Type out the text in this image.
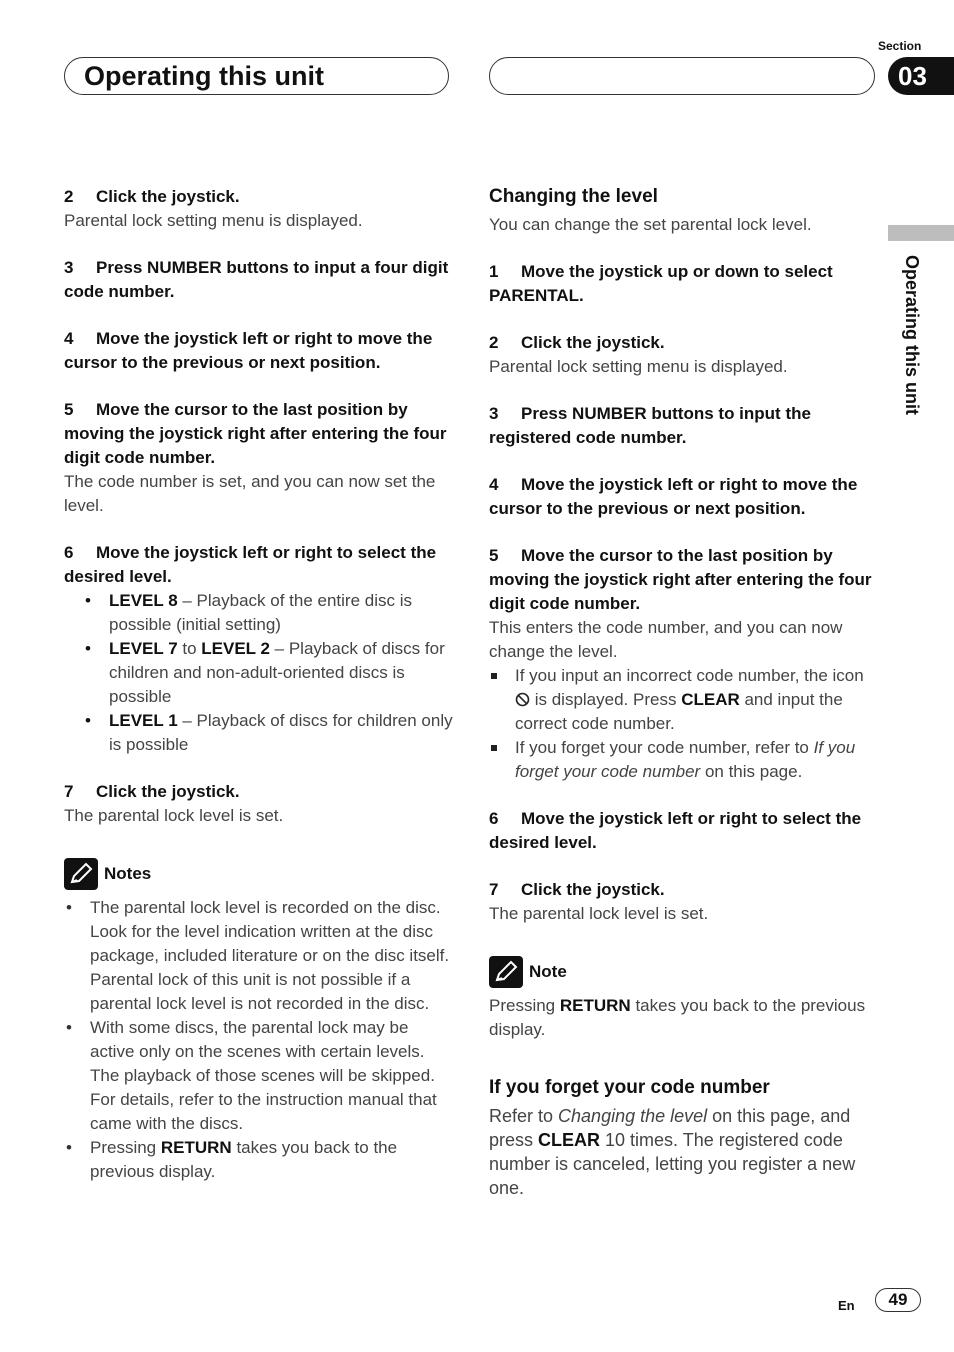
Operating this unit
Section
03
Operating this unit

2 Click the joystick.

Parental lock setting menu is displayed.

3 Press NUMBER buttons to input a four digit code number.

4 Move the joystick left or right to move the cursor to the previous or next position.

5 Move the cursor to the last position by moving the joystick right after entering the four digit code number.

The code number is set, and you can now set the level.

6 Move the joystick left or right to select the desired level.

• LEVEL 8 – Playback of the entire disc is possible (initial setting)
• LEVEL 7 to LEVEL 2 – Playback of discs for children and non-adult-oriented discs is possible
• LEVEL 1 – Playback of discs for children only is possible

7 Click the joystick.

The parental lock level is set.

Notes
• The parental lock level is recorded on the disc. Look for the level indication written at the disc package, included literature or on the disc itself. Parental lock of this unit is not possible if a parental lock level is not recorded in the disc.
• With some discs, the parental lock may be active only on the scenes with certain levels. The playback of those scenes will be skipped. For details, refer to the instruction manual that came with the discs.
• Pressing RETURN takes you back to the previous display.

Changing the level

You can change the set parental lock level.

1 Move the joystick up or down to select PARENTAL.

2 Click the joystick.

Parental lock setting menu is displayed.

3 Press NUMBER buttons to input the registered code number.

4 Move the joystick left or right to move the cursor to the previous or next position.

5 Move the cursor to the last position by moving the joystick right after entering the four digit code number.

This enters the code number, and you can now change the level.

If you input an incorrect code number, the icon  is displayed. Press CLEAR and input the correct code number.
If you forget your code number, refer to If you forget your code number on this page.

6 Move the joystick left or right to select the desired level.

7 Click the joystick.

The parental lock level is set.

Note

Pressing RETURN takes you back to the previous display.

If you forget your code number

Refer to Changing the level on this page, and press CLEAR 10 times. The registered code number is canceled, letting you register a new one.

En	49
